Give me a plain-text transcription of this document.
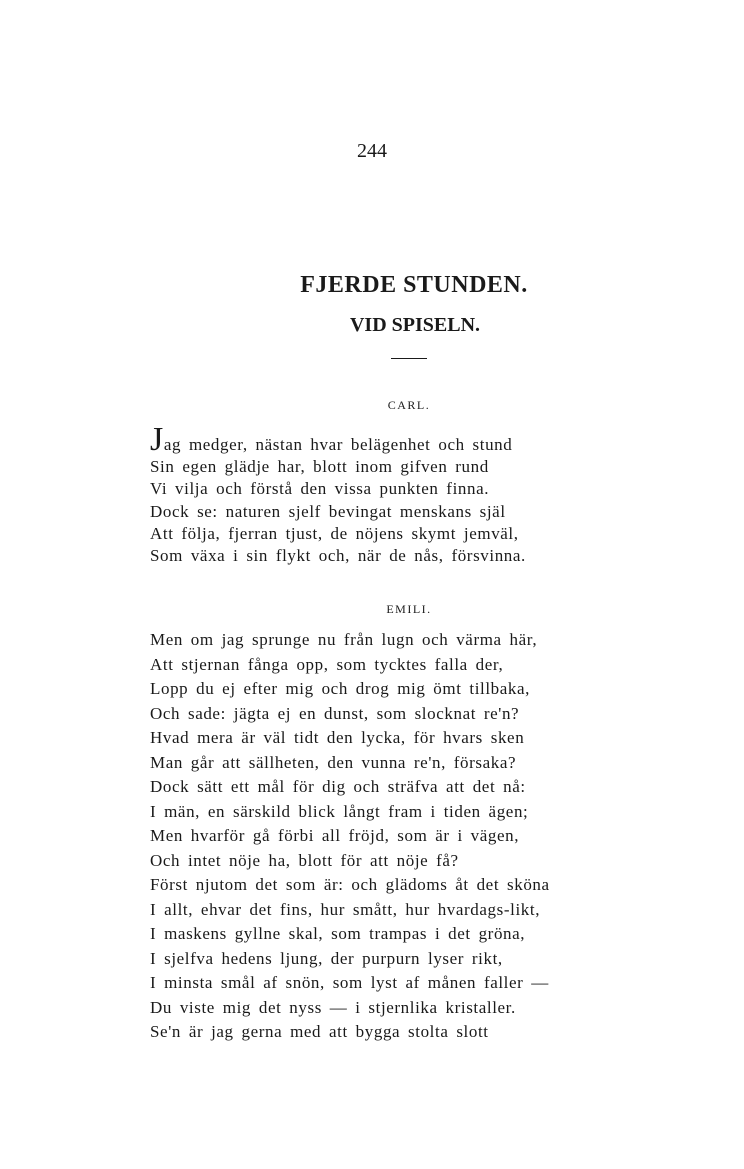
244
FJERDE STUNDEN.
VID SPISELN.
CARL.
Jag medger, nästan hvar belägenhet och stund
Sin egen glädje har, blott inom gifven rund
Vi vilja och förstå den vissa punkten finna.
Dock se: naturen sjelf bevingat menskans själ
Att följa, fjerran tjust, de nöjens skymt jemväl,
Som växa i sin flykt och, när de nås, försvinna.
EMILI.
Men om jag sprunge nu från lugn och värma här,
Att stjernan fånga opp, som tycktes falla der,
Lopp du ej efter mig och drog mig ömt tillbaka,
Och sade: jägta ej en dunst, som slocknat re'n?
Hvad mera är väl tidt den lycka, för hvars sken
Man går att sällheten, den vunna re'n, försaka?
Dock sätt ett mål för dig och sträfva att det nå:
I män, en särskild blick långt fram i tiden ägen;
Men hvarför gå förbi all fröjd, som är i vägen,
Och intet nöje ha, blott för att nöje få?
Först njutom det som är: och glädoms åt det sköna
I allt, ehvar det fins, hur smått, hur hvardags-likt,
I maskens gyllne skal, som trampas i det gröna,
I sjelfva hedens ljung, der purpurn lyser rikt,
I minsta smål af snön, som lyst af månen faller —
Du viste mig det nyss — i stjernlika kristaller.
Se'n är jag gerna med att bygga stolta slott
